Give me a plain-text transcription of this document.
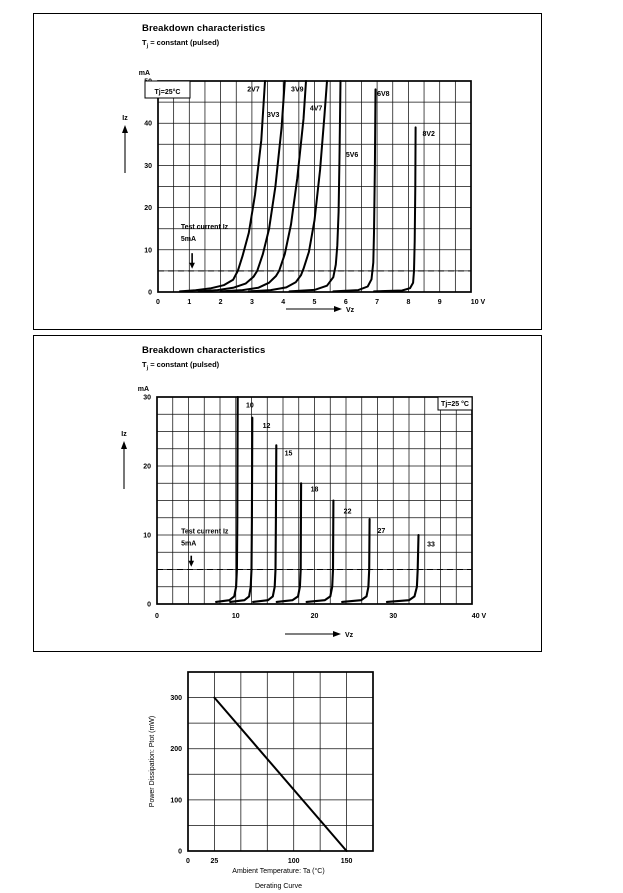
Breakdown characteristics
$T_j$ = constant (pulsed)
0	1	2	3	4	5	6	7	8	9	10 V
0
10
20
30
40
mA
2V7
3V3
3V9
4V7
5V6
6V8
8V2
Tj=25°C
Iz
Vz
Test current Iz
5mA
Breakdown characteristics
$T_j$ = constant (pulsed)
0	10	20	30	40 V
0
10
20
30
mA
10
12
15
18
22
27
33
Tj=25 °C
Iz
Vz
Test current Iz
5mA
0	25	100	150
0
100
200
300
Ambient Temperature: Ta (°C)
Derating Curve
Power Dissipation: Ptot (mW)
